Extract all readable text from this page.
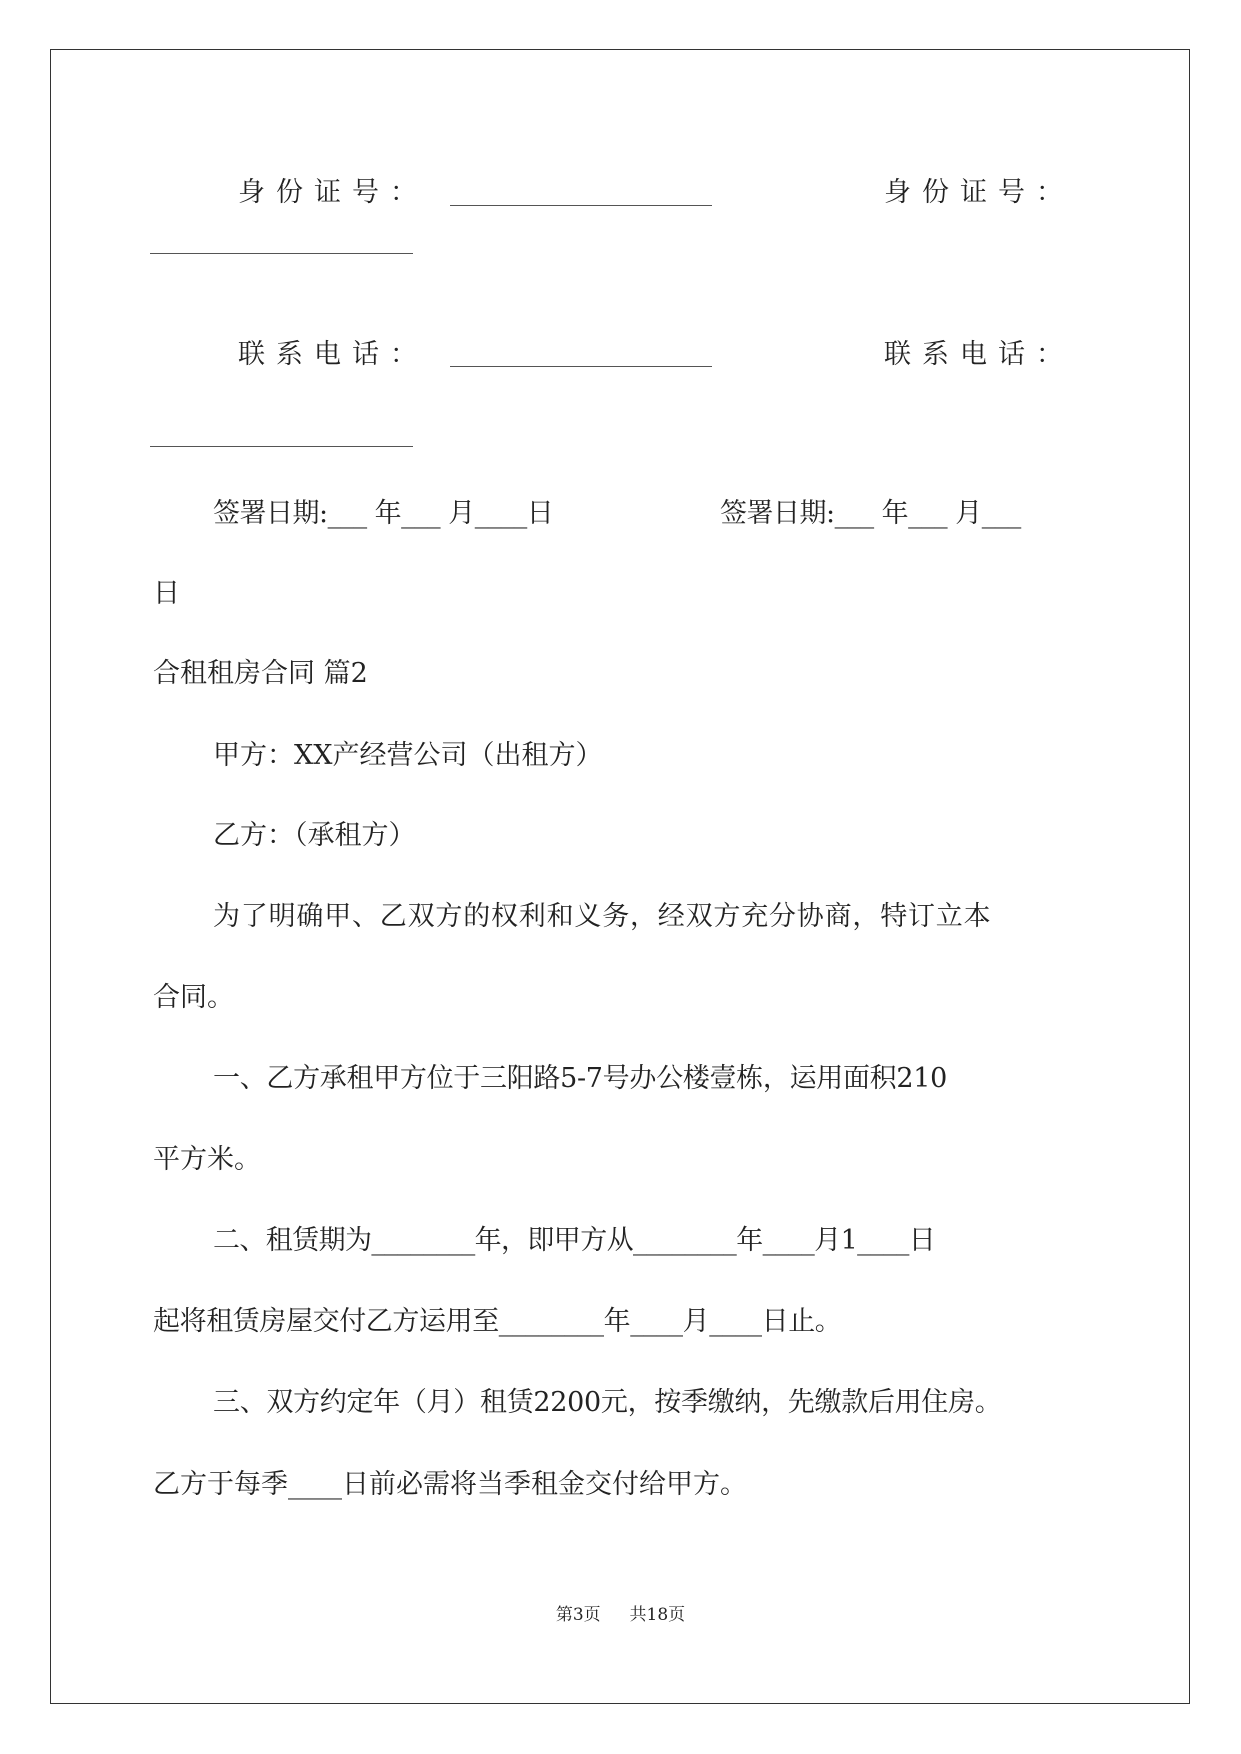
身份证号：	身份证号：
联系电话：	联系电话：
签署日期:___ 年___ 月____日	签署日期:___ 年___ 月___
日
合租租房合同 篇2
甲方：XX产经营公司（出租方）
乙方：（承租方）
为了明确甲、乙双方的权利和义务，经双方充分协商，特订立本
合同。
一、乙方承租甲方位于三阳路5-7号办公楼壹栋，运用面积210
平方米。
二、租赁期为________年，即甲方从________年____月1____日
起将租赁房屋交付乙方运用至________年____月____日止。
三、双方约定年（月）租赁2200元，按季缴纳，先缴款后用住房。
乙方于每季____日前必需将当季租金交付给甲方。
第3页 共18页
